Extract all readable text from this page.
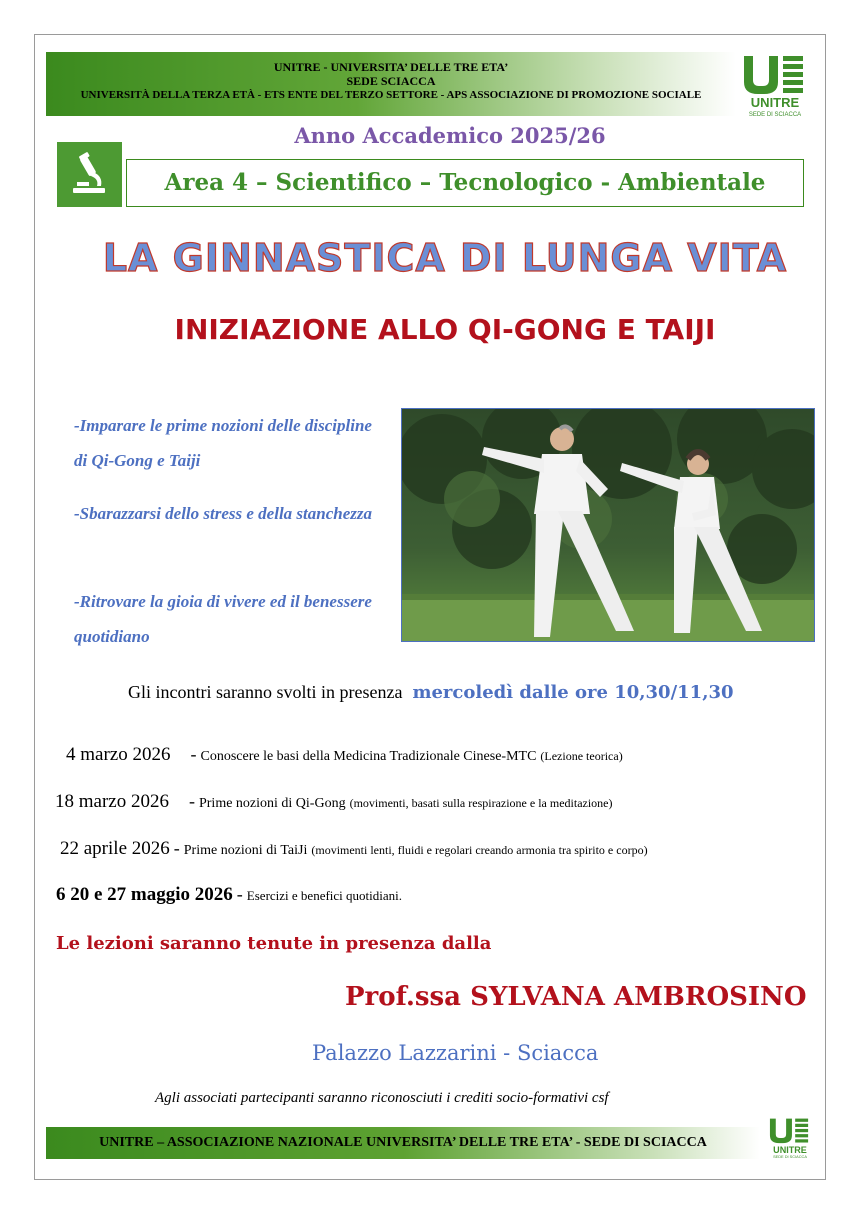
UNITRE - UNIVERSITA’ DELLE TRE ETA’
SEDE SCIACCA
UNIVERSITÀ DELLA TERZA ETÀ - ETS ENTE DEL TERZO SETTORE - APS ASSOCIAZIONE DI PROMOZIONE SOCIALE	UNITRE
SEDE DI SCIACCA
Anno Accademico 2025/26
Area 4 – Scientifico – Tecnologico - Ambientale
LA GINNASTICA DI LUNGA VITA
INIZIAZIONE ALLO QI-GONG E TAIJI
-Imparare le prime nozioni delle discipline di Qi-Gong e Taiji
-Sbarazzarsi dello stress e della stanchezza
-Ritrovare la gioia di vivere ed il benessere quotidiano
Gli incontri saranno svolti in presenza mercoledì dalle ore 10,30/11,30
4 marzo 2026 - Conoscere le basi della Medicina Tradizionale Cinese-MTC (Lezione teorica)
18 marzo 2026 - Prime nozioni di Qi-Gong (movimenti, basati sulla respirazione e la meditazione)
22 aprile 2026 - Prime nozioni di TaiJi (movimenti lenti, fluidi e regolari creando armonia tra spirito e corpo)
6 20 e 27 maggio 2026 - Esercizi e benefici quotidiani.
Le lezioni saranno tenute in presenza dalla
Prof.ssa SYLVANA AMBROSINO
Palazzo Lazzarini - Sciacca
Agli associati partecipanti saranno riconosciuti i crediti socio-formativi csf
UNITRE – ASSOCIAZIONE NAZIONALE UNIVERSITA’ DELLE TRE ETA’ - SEDE DI SCIACCA	UNITRE
SEDE DI SCIACCA
